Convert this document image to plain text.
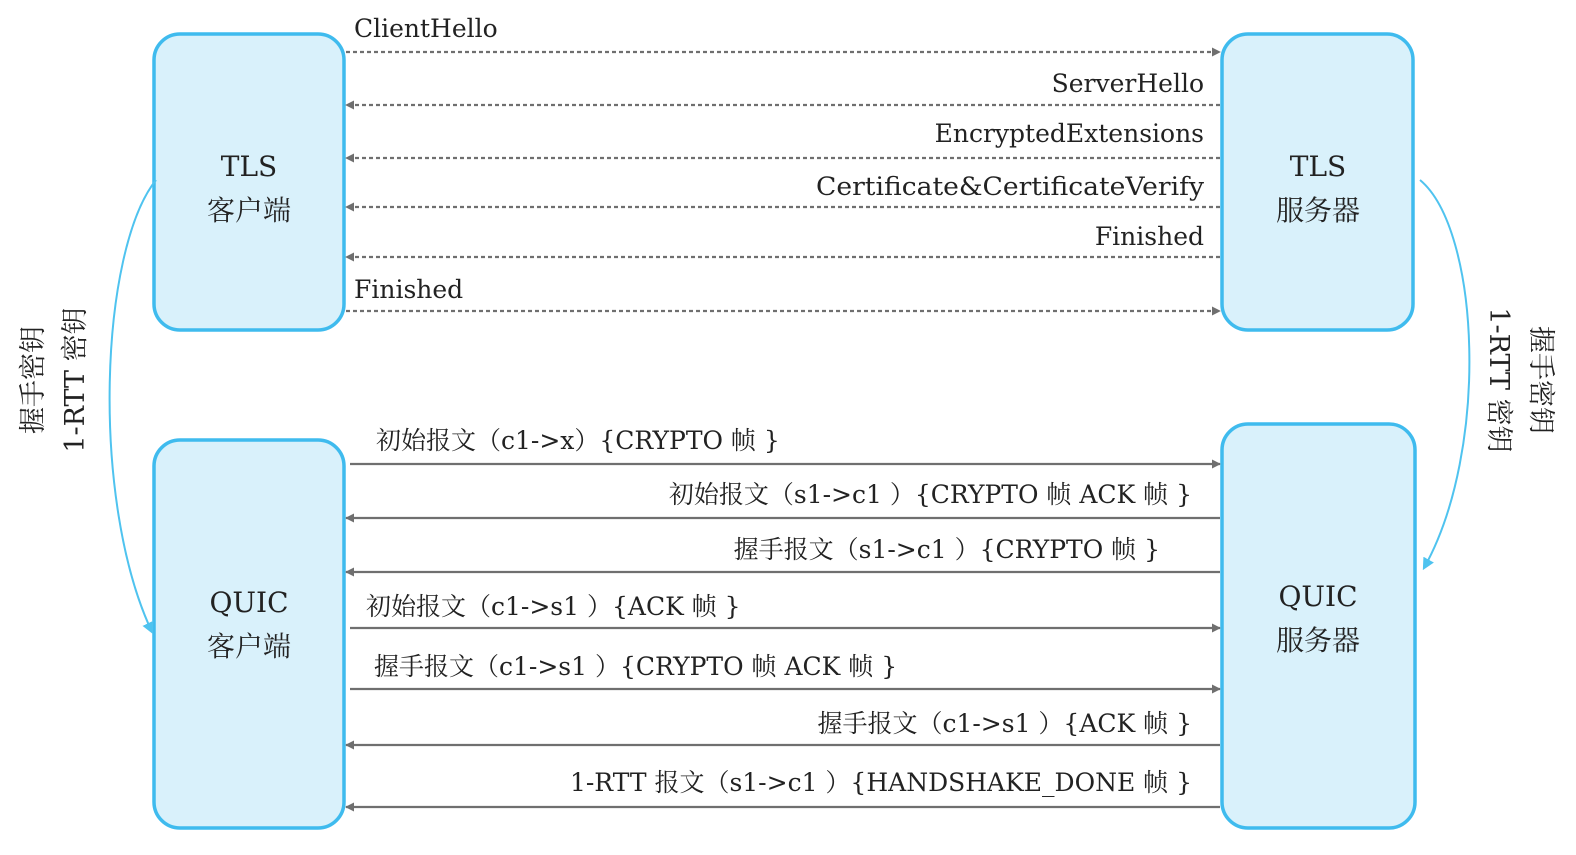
TLS
客户端
TLS
服务器
QUIC
客户端
QUIC
服务器
ClientHello
ServerHello
EncryptedExtensions
Certificate&CertificateVerify
Finished
Finished
初始报文（c1->x）{CRYPTO 帧 }
初始报文（s1->c1 ）{CRYPTO 帧 ACK 帧 }
握手报文（s1->c1 ）{CRYPTO 帧 }
初始报文（c1->s1 ）{ACK 帧 }
握手报文（c1->s1 ）{CRYPTO 帧 ACK 帧 }
握手报文（c1->s1 ）{ACK 帧 }
1-RTT 报文（s1->c1 ）{HANDSHAKE_DONE 帧 }
握手密钥 1-RTT 密钥	握手密钥
1-RTT 密钥
